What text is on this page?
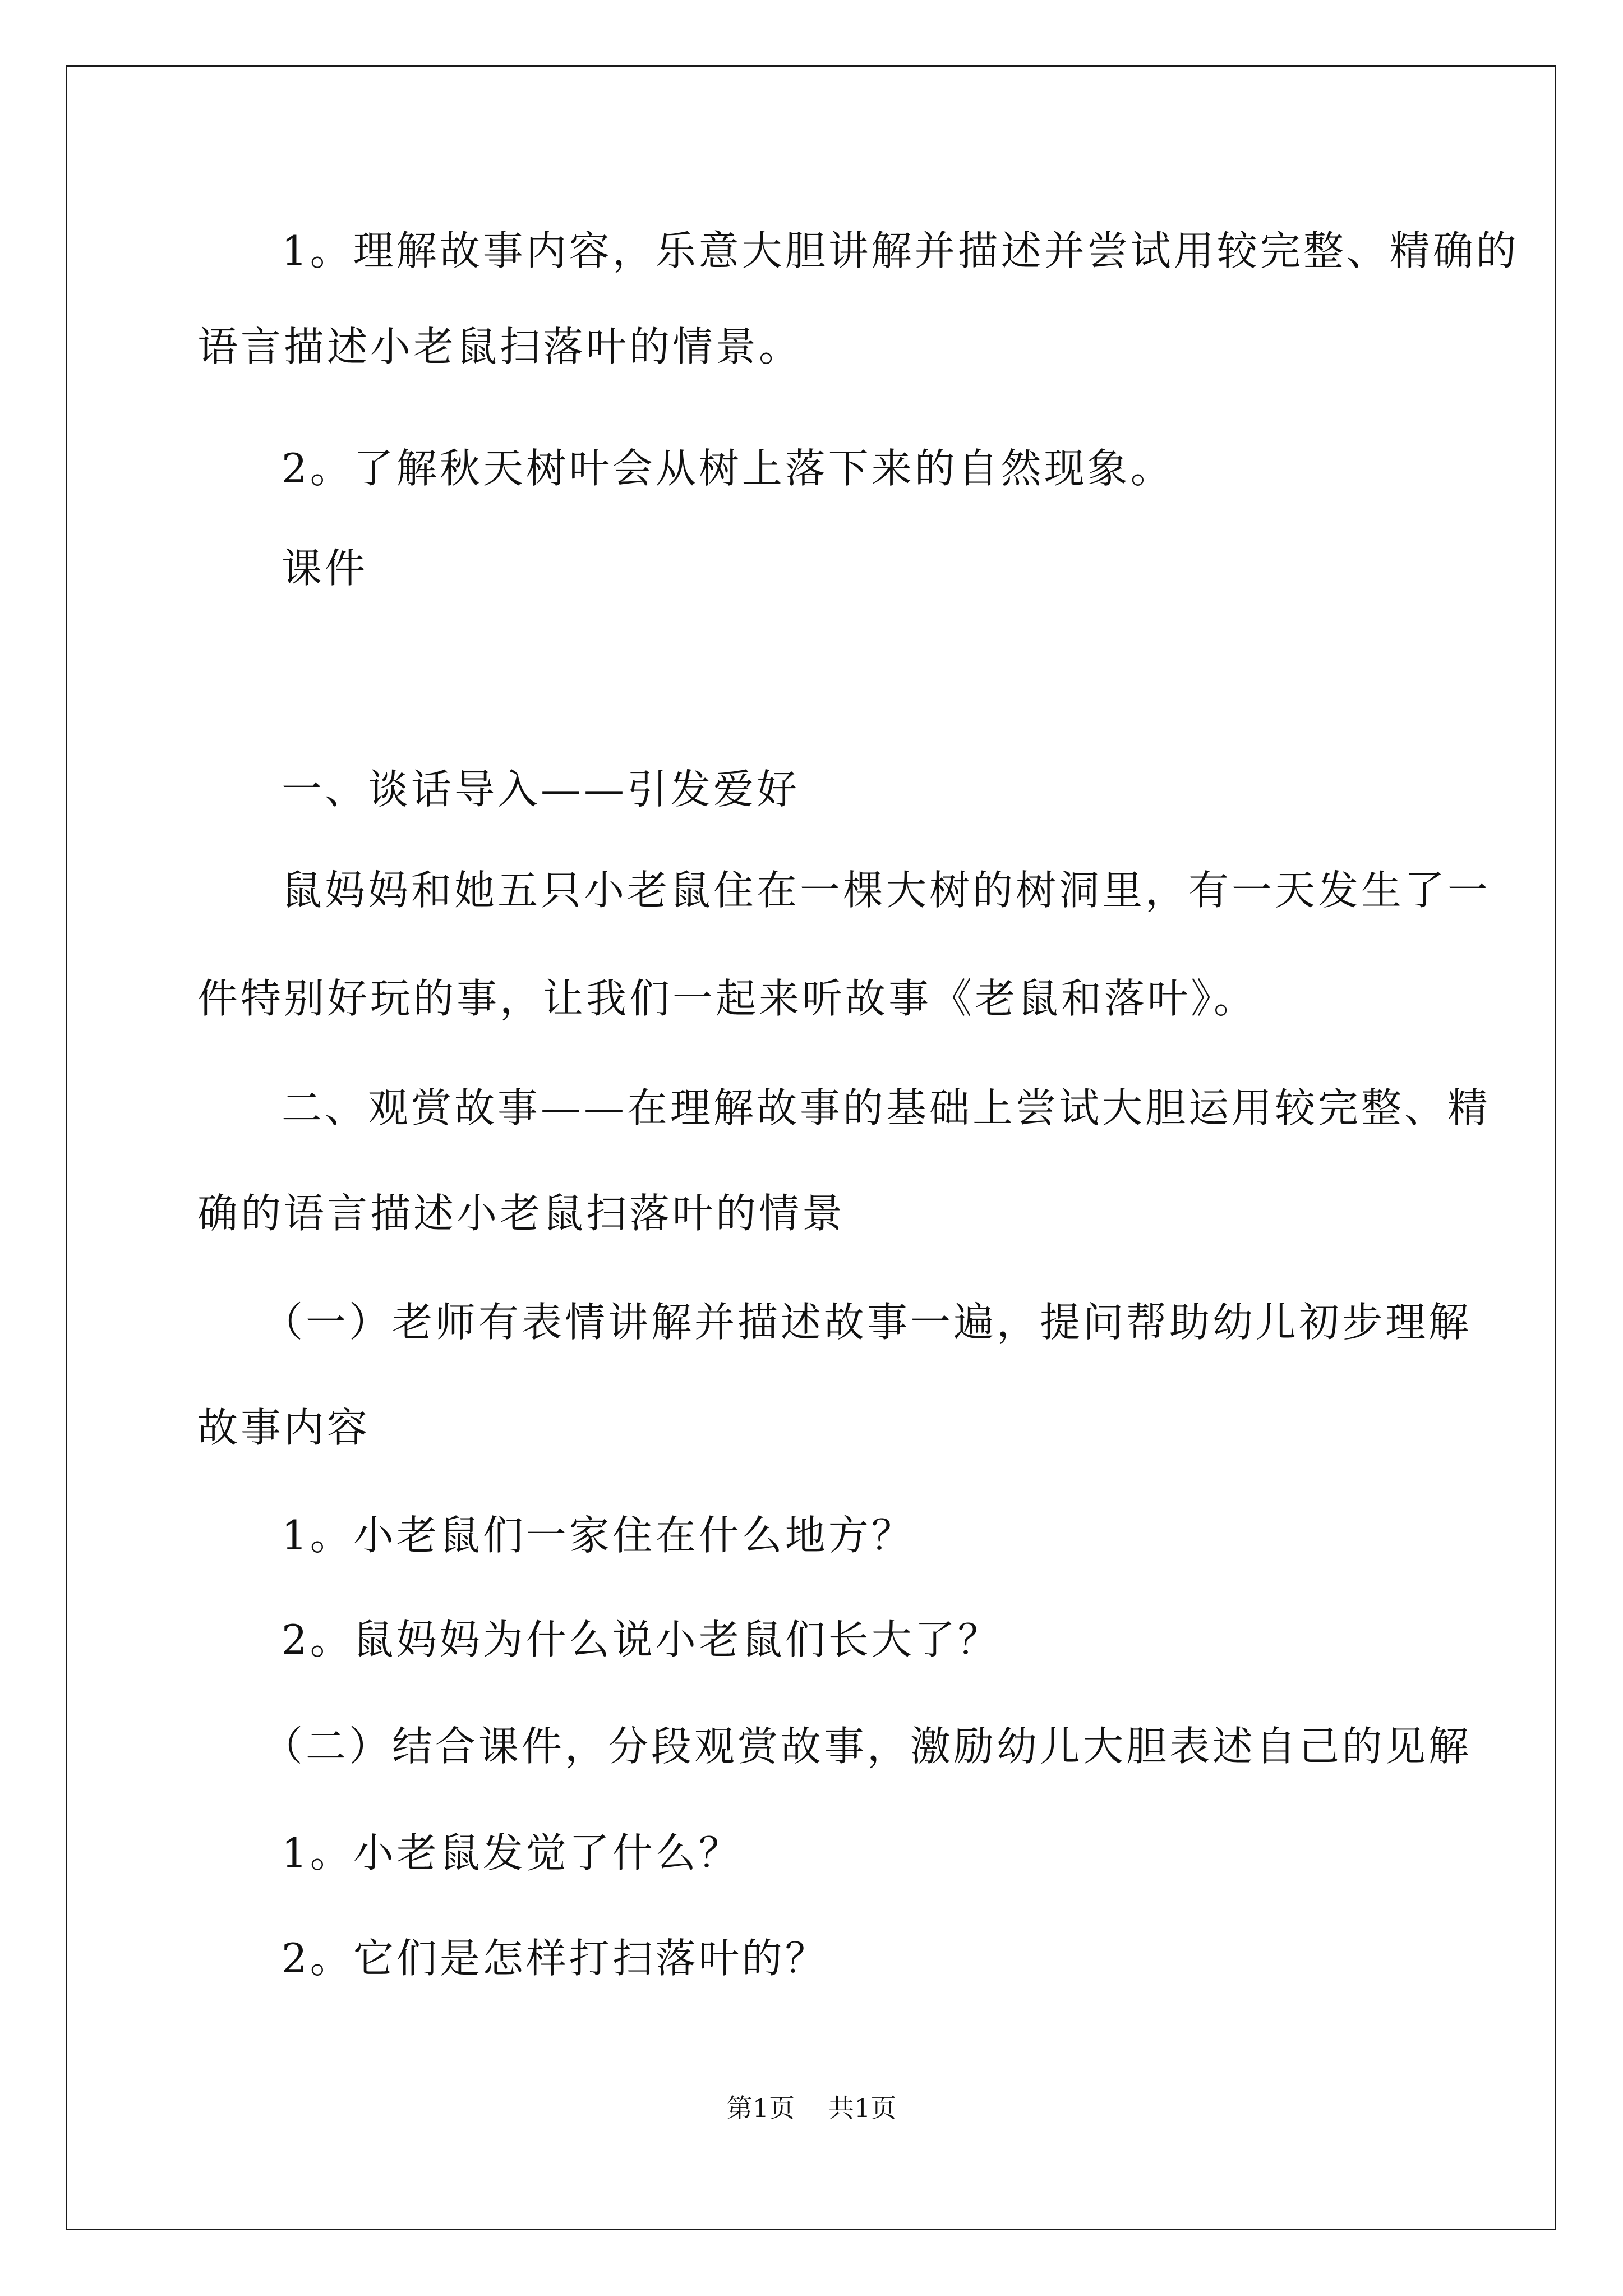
1。理解故事内容，乐意大胆讲解并描述并尝试用较完整、精确的

语言描述小老鼠扫落叶的情景。

2。了解秋天树叶会从树上落下来的自然现象。

课件

一、谈话导入——引发爱好

鼠妈妈和她五只小老鼠住在一棵大树的树洞里，有一天发生了一

件特别好玩的事，让我们一起来听故事《老鼠和落叶》。

二、观赏故事——在理解故事的基础上尝试大胆运用较完整、精

确的语言描述小老鼠扫落叶的情景

（一）老师有表情讲解并描述故事一遍，提问帮助幼儿初步理解

故事内容

1。小老鼠们一家住在什么地方？

2。鼠妈妈为什么说小老鼠们长大了？

（二）结合课件，分段观赏故事，激励幼儿大胆表述自己的见解

1。小老鼠发觉了什么？

2。它们是怎样打扫落叶的？

第1页 共1页
